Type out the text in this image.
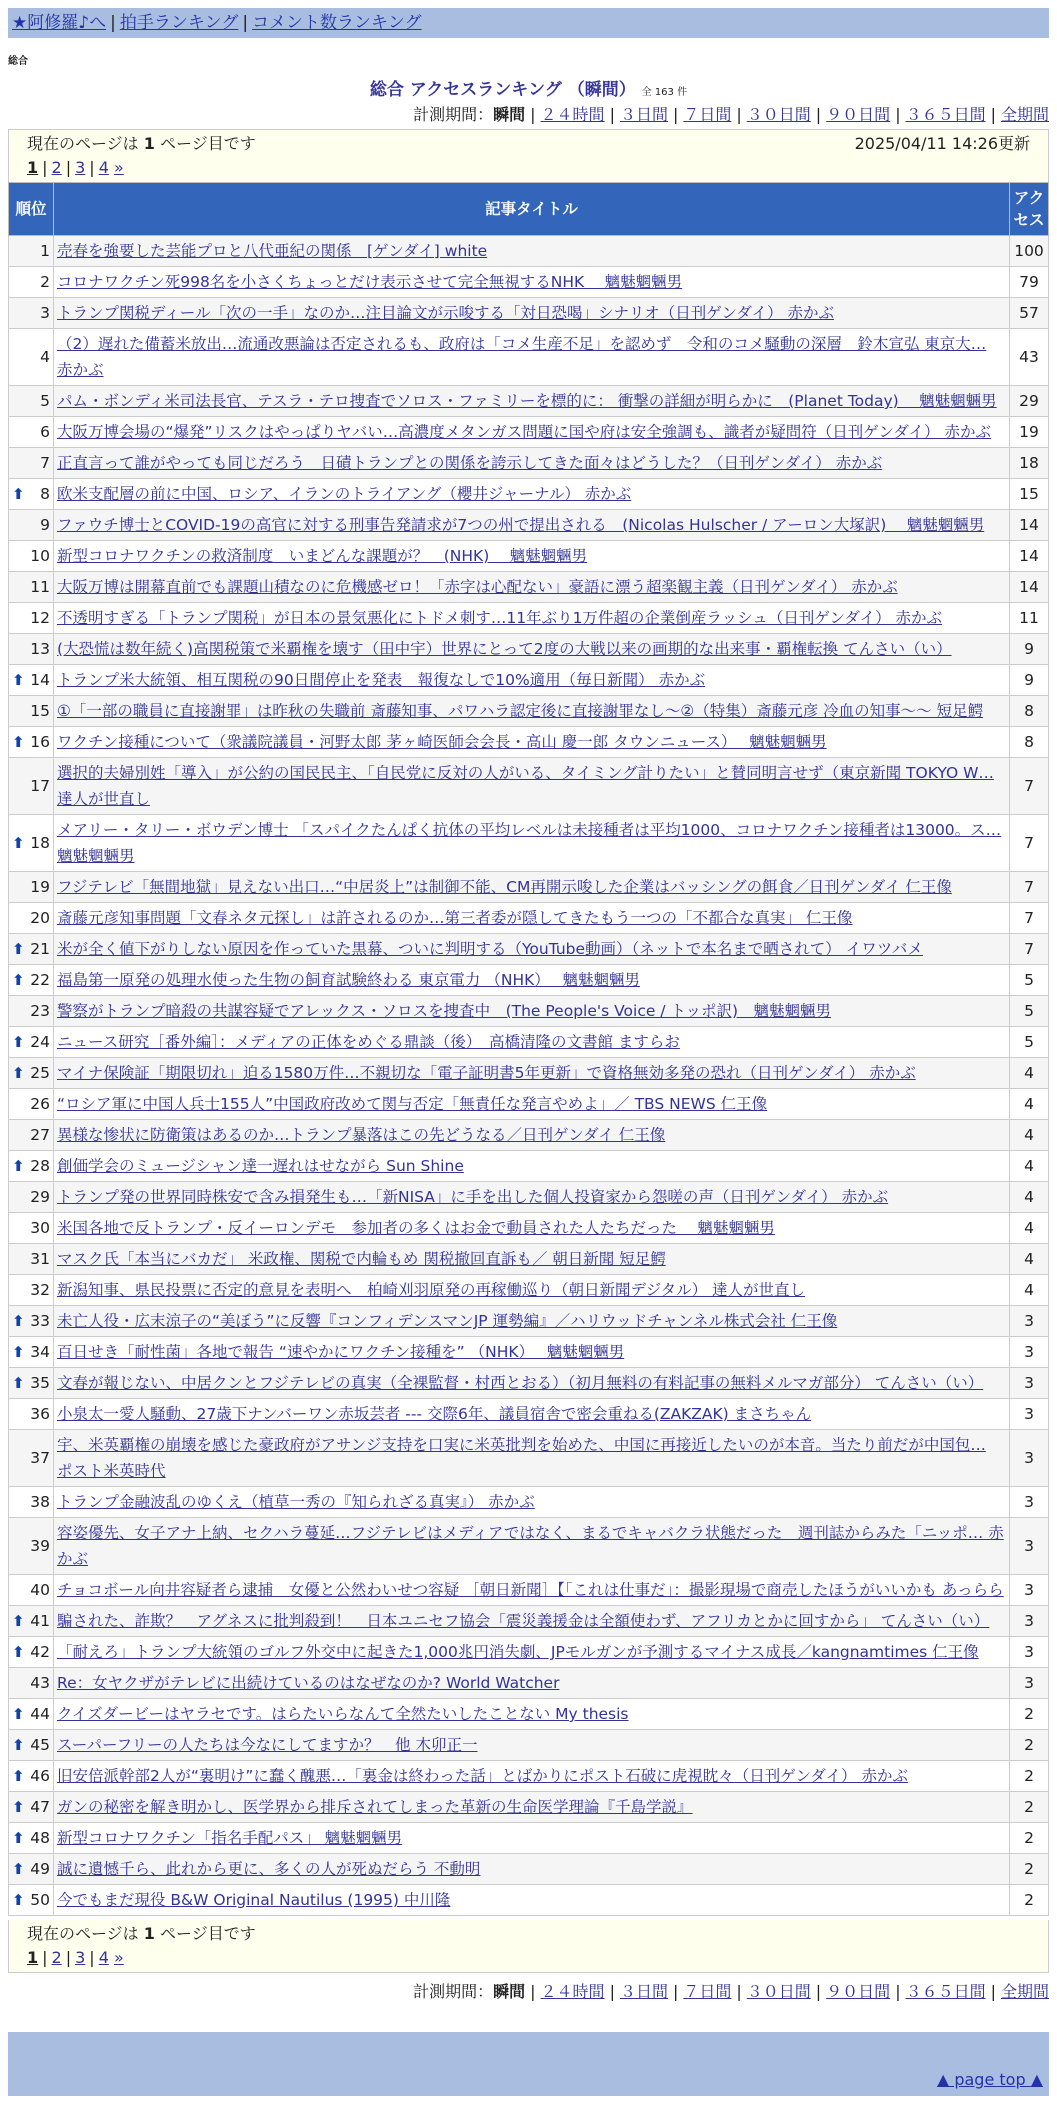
★阿修羅♪へ | 拍手ランキング | コメント数ランキング
総合
総合 アクセスランキング （瞬間） 全 163 件
計測期間：瞬間 | ２４時間 | ３日間 | ７日間 | ３０日間 | ９０日間 | ３６５日間 | 全期間
現在のページは 1 ページ目です	2025/04/11 14:26更新
1 | 2 | 3 | 4 »
順位	記事タイトル	アクセス
1	売春を強要した芸能プロと八代亜紀の関係　[ゲンダイ] white	100
2	コロナワクチン死998名を小さくちょっとだけ表示させて完全無視するNHK　 魑魅魍魎男	79
3	トランプ関税ディール「次の一手」なのか…注目論文が示唆する「対日恐喝」シナリオ（日刊ゲンダイ） 赤かぶ	57
4	（2）遅れた備蓄米放出…流通改悪論は否定されるも、政府は「コメ生産不足」を認めず　令和のコメ騒動の深層　鈴木宣弘 東京大… 赤かぶ	43
5	パム・ボンディ米司法長官、テスラ・テロ捜査でソロス・ファミリーを標的に： 衝撃の詳細が明らかに　(Planet Today)　 魑魅魍魎男	29
6	大阪万博会場の“爆発”リスクはやっぱりヤバい…高濃度メタンガス問題に国や府は安全強調も、識者が疑問符（日刊ゲンダイ） 赤かぶ	19
7	正直言って誰がやっても同じだろう　日磧トランプとの関係を誇示してきた面々はどうした？（日刊ゲンダイ） 赤かぶ	18

⬆ 8	欧米支配層の前に中国、ロシア、イランのトライアング（櫻井ジャーナル） 赤かぶ	15
9	ファウチ博士とCOVID-19の高官に対する刑事告発請求が7つの州で提出される　(Nicolas Hulscher / アーロン大塚訳)　 魑魅魍魎男	14
10	新型コロナワクチンの救済制度　いまどんな課題が？　(NHK)　 魑魅魍魎男	14
11	大阪万博は開幕直前でも課題山積なのに危機感ゼロ！「赤字は心配ない」豪語に漂う超楽観主義（日刊ゲンダイ） 赤かぶ	14
12	不透明すぎる「トランプ関税」が日本の景気悪化にトドメ刺す…11年ぶり1万件超の企業倒産ラッシュ（日刊ゲンダイ） 赤かぶ	11
13	(大恐慌は数年続く)高関税策で米覇権を壊す（田中宇）世界にとって2度の大戦以来の画期的な出来事・覇権転換 てんさい（い）	9

⬆ 14	トランプ米大統領、相互関税の90日間停止を発表　報復なしで10%適用（毎日新聞） 赤かぶ	9
15	①「一部の職員に直接謝罪」は昨秋の失職前 斎藤知事、パワハラ認定後に直接謝罪なし～②（特集）斎藤元彦 冷血の知事～～ 短足鰐	8

⬆ 16	ワクチン接種について（衆議院議員・河野太郎 茅ヶ崎医師会会長・高山 慶一郎 タウンニュース）　 魑魅魍魎男	8
17	選択的夫婦別姓「導入」が公約の国民民主、「自民党に反対の人がいる、タイミング計りたい」と賛同明言せず（東京新聞 TOKYO W… 達人が世直し	7

⬆ 18	メアリー・タリー・ボウデン博士 「スパイクたんぱく抗体の平均レベルは未接種者は平均1000、コロナワクチン接種者は13000。ス… 魑魅魍魎男	7
19	フジテレビ「無間地獄」見えない出口…“中居炎上”は制御不能、CM再開示唆した企業はバッシングの餌食／日刊ゲンダイ 仁王像	7
20	斎藤元彦知事問題「文春ネタ元探し」は許されるのか…第三者委が隠してきたもう一つの「不都合な真実」 仁王像	7

⬆ 21	米が全く値下がりしない原因を作っていた黒幕、ついに判明する（YouTube動画）（ネットで本名まで晒されて） イワツバメ	7

⬆ 22	福島第一原発の処理水使った生物の飼育試験終わる 東京電力 （NHK）　 魑魅魍魎男	5
23	警察がトランプ暗殺の共謀容疑でアレックス・ソロスを捜査中　(The People's Voice / トッポ訳)　魑魅魍魎男	5

⬆ 24	ニュース研究［番外編］：メディアの正体をめぐる鼎談（後）　高橋清隆の文書館 ますらお	5

⬆ 25	マイナ保険証「期限切れ」迫る1580万件…不親切な「電子証明書5年更新」で資格無効多発の恐れ（日刊ゲンダイ） 赤かぶ	4
26	“ロシア軍に中国人兵士155人”中国政府改めて関与否定「無責任な発言やめよ」／ TBS NEWS 仁王像	4
27	異様な惨状に防衛策はあるのか…トランプ暴落はこの先どうなる／日刊ゲンダイ 仁王像	4

⬆ 28	創価学会のミュージシャン達一遅れはせながら Sun Shine	4
29	トランプ発の世界同時株安で含み損発生も…「新NISA」に手を出した個人投資家から怨嗟の声（日刊ゲンダイ） 赤かぶ	4
30	米国各地で反トランプ・反イーロンデモ　参加者の多くはお金で動員された人たちだった　 魑魅魍魎男	4
31	マスク氏「本当にバカだ」 米政権、関税で内輪もめ 関税撤回直訴も／ 朝日新聞 短足鰐	4
32	新潟知事、県民投票に否定的意見を表明へ　柏崎刈羽原発の再稼働巡り（朝日新聞デジタル） 達人が世直し	4

⬆ 33	未亡人役・広末涼子の“美ぼう”に反響『コンフィデンスマンJP 運勢編』／ハリウッドチャンネル株式会社 仁王像	3

⬆ 34	百日せき「耐性菌」各地で報告 “速やかにワクチン接種を” （NHK）　 魑魅魍魎男	3

⬆ 35	文春が報じない、中居クンとフジテレビの真実（全裸監督・村西とおる）（初月無料の有料記事の無料メルマガ部分） てんさい（い）	3
36	小泉太一愛人騒動、27歳下ナンバーワン赤坂芸者 --- 交際6年、議員宿舎で密会重ねる(ZAKZAK) まさちゃん	3
37	宇、米英覇権の崩壊を感じた豪政府がアサンジ支持を口実に米英批判を始めた、中国に再接近したいのが本音。当たり前だが中国包… ポスト米英時代	3
38	トランプ金融波乱のゆくえ（植草一秀の『知られざる真実』） 赤かぶ	3
39	容姿優先、女子アナ上納、セクハラ蔓延…フジテレビはメディアではなく、まるでキャバクラ状態だった　週刊誌からみた「ニッポ… 赤かぶ	3
40	チョコボール向井容疑者ら逮捕　女優と公然わいせつ容疑 ［朝日新聞］【「これは仕事だ」：撮影現場で商売したほうがいいかも あっらら	3

⬆ 41	騙された、詐欺？　アグネスに批判殺到！　日本ユニセフ協会「震災義援金は全額使わず、アフリカとかに回すから」 てんさい（い）	3

⬆ 42	「耐えろ」トランプ大統領のゴルフ外交中に起きた1,000兆円消失劇、JPモルガンが予測するマイナス成長／kangnamtimes 仁王像	3
43	Re：女ヤクザがテレビに出続けているのはなぜなのか? World Watcher	3

⬆ 44	クイズダービーはヤラセです。はらたいらなんて全然たいしたことない My thesis	2

⬆ 45	スーパーフリーの人たちは今なにしてますか？　他 木卯正一	2

⬆ 46	旧安倍派幹部2人が“裏明け”に蠢く醜悪…「裏金は終わった話」とばかりにポスト石破に虎視眈々（日刊ゲンダイ） 赤かぶ	2

⬆ 47	ガンの秘密を解き明かし、医学界から排斥されてしまった革新の生命医学理論『千島学説』	2

⬆ 48	新型コロナワクチン「指名手配パス」 魑魅魍魎男	2

⬆ 49	誠に遺憾千ら、此れから更に、多くの人が死ぬだらう 不動明	2

⬆ 50	今でもまだ現役 B&W Original Nautilus (1995) 中川隆	2
現在のページは 1 ページ目です
1 | 2 | 3 | 4 »
計測期間：瞬間 | ２４時間 | ３日間 | ７日間 | ３０日間 | ９０日間 | ３６５日間 | 全期間
▲ page top ▲
